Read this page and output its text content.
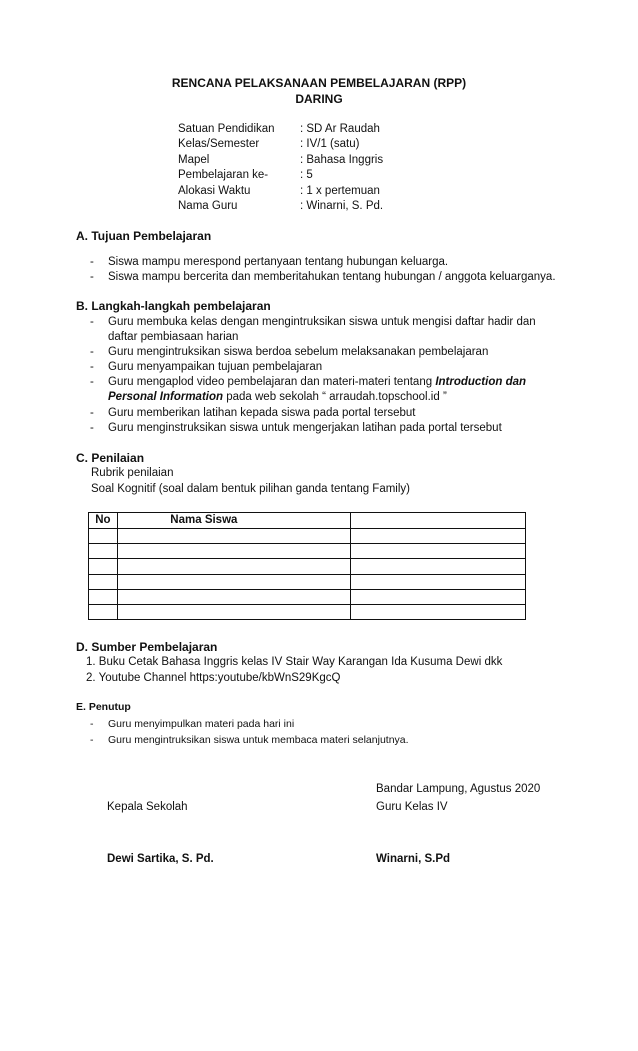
RENCANA PELAKSANAAN PEMBELAJARAN (RPP)
DARING
Satuan Pendidikan : SD Ar Raudah
Kelas/Semester	: IV/1 (satu)
Mapel	: Bahasa Inggris
Pembelajaran ke-	: 5
Alokasi Waktu	: 1 x pertemuan
Nama Guru	: Winarni, S. Pd.
A. Tujuan Pembelajaran
- Siswa mampu merespond pertanyaan tentang hubungan keluarga.
- Siswa mampu bercerita dan memberitahukan tentang hubungan / anggota keluarganya.
B. Langkah-langkah pembelajaran
- Guru membuka kelas dengan mengintruksikan siswa untuk mengisi daftar hadir dan
daftar pembiasaan harian
- Guru mengintruksikan siswa berdoa sebelum melaksanakan pembelajaran
- Guru menyampaikan tujuan pembelajaran
- Guru mengaplod video pembelajaran dan materi-materi tentang Introduction dan
Personal Information pada web sekolah “ arraudah.topschool.id ”
- Guru memberikan latihan kepada siswa pada portal tersebut
- Guru menginstruksikan siswa untuk mengerjakan latihan pada portal tersebut
C. Penilaian
Rubrik penilaian
Soal Kognitif (soal dalam bentuk pilihan ganda tentang Family)
No	Nama Siswa	

D. Sumber Pembelajaran
1. Buku Cetak Bahasa Inggris kelas IV Stair Way Karangan Ida Kusuma Dewi dkk
2. Youtube Channel https:youtube/kbWnS29KgcQ
E. Penutup
- Guru menyimpulkan materi pada hari ini
- Guru mengintruksikan siswa untuk membaca materi selanjutnya.
Bandar Lampung, Agustus 2020
Kepala Sekolah	Guru Kelas IV
Dewi Sartika, S. Pd.	Winarni, S.Pd
